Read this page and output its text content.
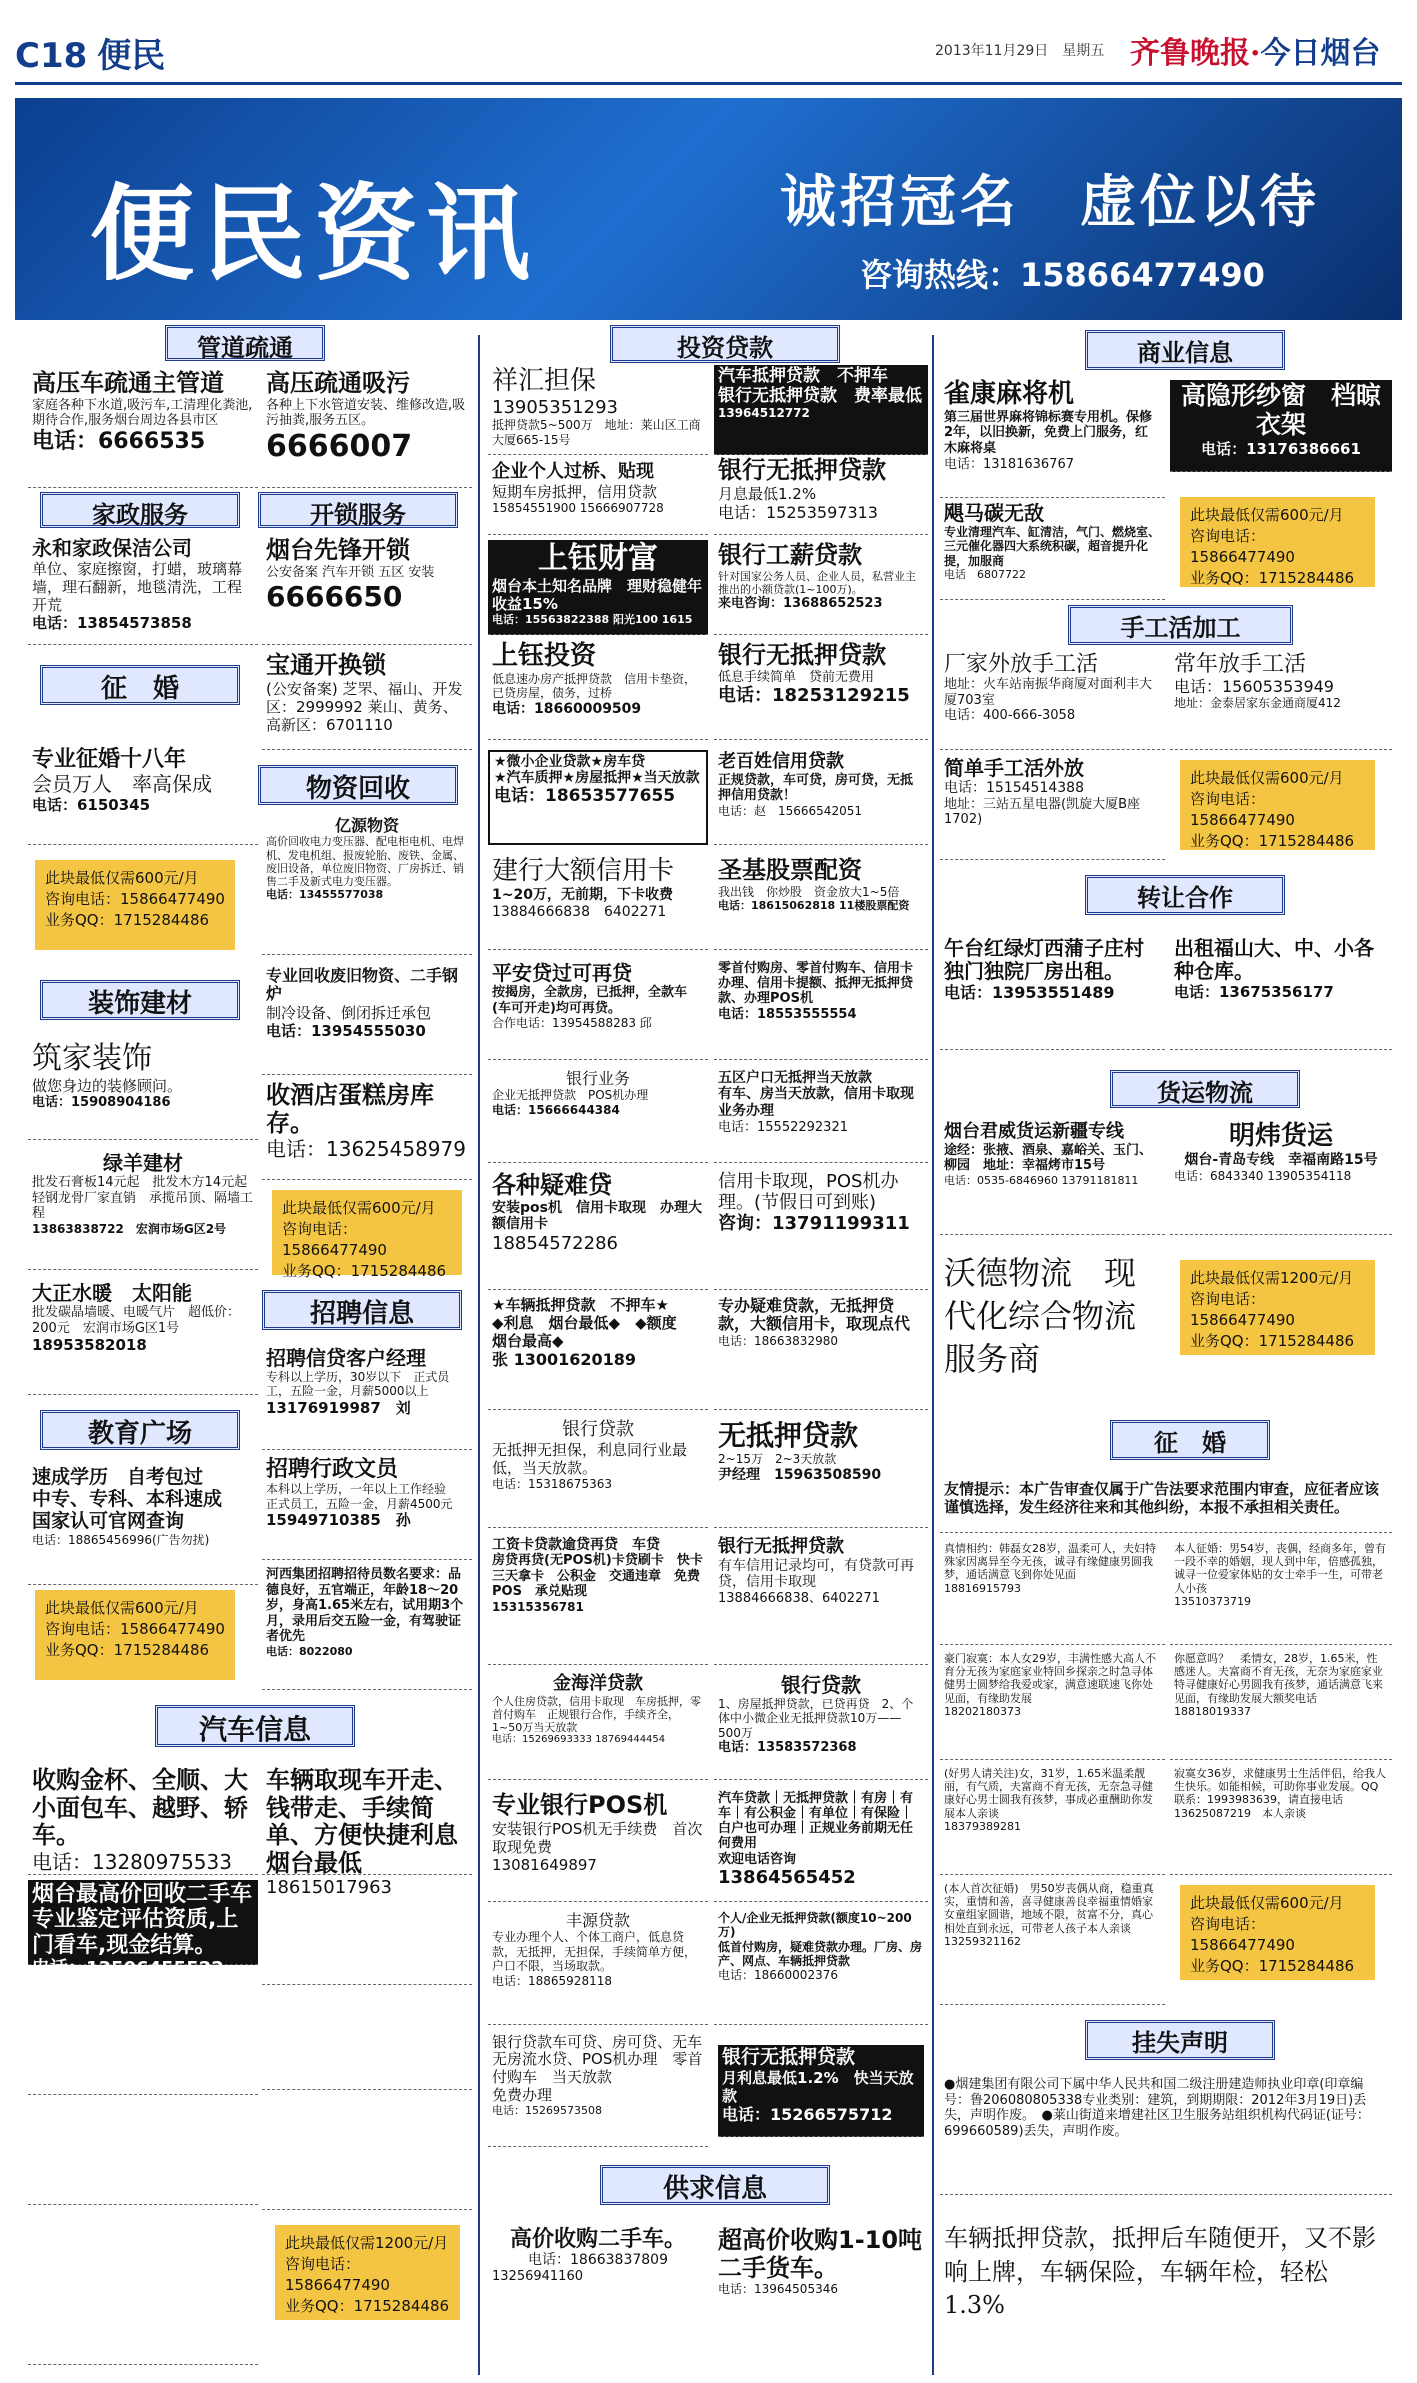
C18 便民	2013年11月29日　 星期五 齐鲁晚报·今日烟台
便民资讯	诚招冠名　虚位以待
咨询热线：15866477490
管道疏通
高压车疏通主管道
家庭各种下水道,吸污车,工清理化粪池,期待合作,服务烟台周边各县市区
电话：6666535
高压疏通吸污
各种上下水管道安装、维修改造,吸污抽粪,服务五区。
6666007
家政服务	开锁服务
永和家政保洁公司
单位、家庭擦窗，打蜡，玻璃幕墙，理石翻新，地毯清洗，工程开荒
电话：13854573858
烟台先锋开锁
公安备案 汽车开锁 五区 安装
6666650
征　婚
宝通开换锁
(公安备案) 芝罘、福山、开发区：2999992 莱山、黄务、高新区：6701110
专业征婚十八年
会员万人　率高保成
电话：6150345
物资回收
此块最低仅需600元/月
咨询电话：15866477490
业务QQ：1715284486
亿源物资
高价回收电力变压器、配电柜电机、电焊机、发电机组、报废轮胎、废铁、金属、废旧设备，单位废旧物资、厂房拆迁、销售二手及新式电力变压器。
电话：13455577038
装饰建材
专业回收废旧物资、二手钢炉
制冷设备、倒闭拆迁承包
电话：13954555030
筑家装饰
做您身边的装修顾问。
电话：15908904186	收酒店蛋糕房库存。
电话：13625458979
绿羊建材
批发石膏板14元起　批发木方14元起　轻钢龙骨厂家直销　承揽吊顶、隔墙工程
13863838722　宏润市场G区2号
此块最低仅需600元/月
咨询电话：15866477490
业务QQ：1715284486
大正水暖　太阳能
批发碳晶墙暖、电暖气片　超低价：200元　宏润市场G区1号
18953582018
招聘信息
招聘信贷客户经理
专科以上学历，30岁以下　正式员工，五险一金，月薪5000以上
13176919987　刘
教育广场
速成学历　自考包过
中专、专科、本科速成　国家认可官网查询
电话：18865456996(广告勿扰)
招聘行政文员
本科以上学历，一年以上工作经验　正式员工，五险一金，月薪4500元
15949710385　孙
此块最低仅需600元/月
咨询电话：15866477490
业务QQ：1715284486
河西集团招聘招待员数名要求：品德良好，五官端正，年龄18～20岁，身高1.65米左右，试用期3个月，录用后交五险一金，有驾驶证者优先
电话：8022080
汽车信息
收购金杯、全顺、大小面包车、越野、轿车。
电话：13280975533
车辆取现车开走、钱带走、手续简单、方便快捷利息烟台最低
18615017963
烟台最高价回收二手车专业鉴定评估资质,上门看车,现金结算。
电话：13506455522
此块最低仅需1200元/月
咨询电话：15866477490
业务QQ：1715284486
投资贷款
祥汇担保
13905351293
抵押贷款5~500万　地址：莱山区工商大厦665-15号
汽车抵押贷款　不押车
银行无抵押贷款　费率最低
13964512772
企业个人过桥、贴现
短期车房抵押，信用贷款
15854551900 15666907728
银行无抵押贷款
月息最低1.2%
电话：15253597313
上钰财富
烟台本土知名品牌　理财稳健年收益15%
电话：15563822388 阳光100 1615
银行工薪贷款
针对国家公务人员、企业人员，私营业主推出的小额贷款(1~100万)。
来电咨询：13688652523
上钰投资
低息速办房产抵押贷款　信用卡垫资，已贷房屋，债务，过桥
电话：18660009509
银行无抵押贷款
低息手续简单　贷前无费用
电话：18253129215
★微小企业贷款★房车贷
★汽车质押★房屋抵押★当天放款
电话：18653577655
老百姓信用贷款
正规贷款，车可贷，房可贷，无抵押信用贷款！
电话：赵　15666542051
建行大额信用卡
1~20万，无前期，下卡收费
13884666838　6402271
圣基股票配资
我出钱　你炒股　资金放大1~5倍
电话：18615062818 11楼股票配资
平安贷过可再贷
按揭房，全款房，已抵押，全款车(车可开走)均可再贷。
合作电话：13954588283 邱
零首付购房、零首付购车、信用卡办理、信用卡提额、抵押无抵押贷款、办理POS机
电话：18553555554
银行业务
企业无抵押贷款　POS机办理
电话：15666644384
五区户口无抵押当天放款
有车、房当天放款，信用卡取现业务办理
电话：15552292321
各种疑难贷
安装pos机　信用卡取现　办理大额信用卡
18854572286
信用卡取现，POS机办理。(节假日可到账)
咨询：13791199311
★车辆抵押贷款　不押车★
◆利息　烟台最低◆　◆额度　烟台最高◆
张 13001620189
专办疑难贷款，无抵押贷款，大额信用卡，取现点代
电话：18663832980
银行贷款
无抵押无担保，利息同行业最低，当天放款。
电话：15318675363
无抵押贷款
2~15万　2~3天放款
尹经理　15963508590
工资卡贷款逾贷再贷　车贷
房贷再贷(无POS机)卡贷刷卡　快卡　三天拿卡　公积金　交通违章　免费POS　承兑贴现
15315356781
银行无抵押贷款
有车信用记录均可，有贷款可再贷，信用卡取现
13884666838、6402271
金海洋贷款
个人住房贷款，信用卡取现　车房抵押，零首付购车　正规银行合作，手续齐全，1~50万当天放款
电话：15269693333 18769444454
银行贷款
1、房屋抵押贷款，已贷再贷　2、个体中小微企业无抵押贷款10万——500万
电话：13583572368
专业银行POS机
安装银行POS机无手续费　首次取现免费
13081649897
汽车贷款｜无抵押贷款｜有房｜有车｜有公积金｜有单位｜有保险｜白户也可办理｜正规业务前期无任何费用
欢迎电话咨询
13864565452
丰源贷款
专业办理个人、个体工商户，低息贷款，无抵押，无担保，手续简单方便，户口不限，当场取款。
电话：18865928118
个人/企业无抵押贷款(额度10~200万)
低首付购房，疑难贷款办理。厂房、房产、网点、车辆抵押贷款
电话：18660002376
银行贷款车可贷、房可贷、无车无房流水贷、POS机办理　零首付购车　当天放款
免费办理
电话：15269573508
银行无抵押贷款
月利息最低1.2%　快当天放款
电话：15266575712
供求信息
高价收购二手车。
电话：18663837809
13256941160
超高价收购1-10吨二手货车。
电话：13964505346
商业信息
雀康麻将机
第三届世界麻将锦标赛专用机。保修2年，以旧换新，免费上门服务，红木麻将桌
电话：13181636767
高隐形纱窗　档晾衣架
电话：13176386661
飓马碳无敌
专业清理汽车、缸清洁，气门、燃烧室、三元催化器四大系统积碳，超音提升化提，加服商
电话　6807722
此块最低仅需600元/月
咨询电话：15866477490
业务QQ：1715284486
手工活加工
厂家外放手工活
地址：火车站南振华商厦对面利丰大厦703室
电话：400-666-3058
常年放手工活
电话：15605353949
地址：金泰居家东金通商厦412
简单手工活外放
电话：15154514388
地址：三站五星电器(凯旋大厦B座1702)
此块最低仅需600元/月
咨询电话：15866477490
业务QQ：1715284486
转让合作
午台红绿灯西蒲子庄村独门独院厂房出租。
电话：13953551489
出租福山大、中、小各种仓库。
电话：13675356177
货运物流
烟台君威货运新疆专线
途经：张掖、酒泉、嘉峪关、玉门、柳园　地址：幸福烤市15号
电话：0535-6846960 13791181811
明炜货运
烟台-青岛专线　幸福南路15号
电话：6843340 13905354118
沃德物流　现代化综合物流服务商
此块最低仅需1200元/月
咨询电话：15866477490
业务QQ：1715284486
征　婚
友情提示：本广告审查仅属于广告法要求范围内审查，应征者应该谨慎选择，发生经济往来和其他纠纷，本报不承担相关责任。
真情相约：韩磊女28岁，温柔可人，夫妇特殊家因离异至今无孩，诚寻有缘健康男圆我梦，通话满意飞到你处见面
18816915793
本人征婚：男54岁，丧偶，经商多年，曾有一段不幸的婚姻，现人到中年，倍感孤独，诚寻一位爱家体贴的女士牵手一生，可带老人小孩
13510373719
豪门寂寞：本人女29岁，丰满性感大高人不育分无孩为家庭家业特回乡探亲之时急寻体健男士圆梦给我爱或家，满意速联速飞你处见面，有缘助发展
18202180373
你愿意吗？　柔情女，28岁，1.65米，性感迷人。夫富商不育无孩，无奈为家庭家业特寻健康好心男圆我有孩梦，通话满意飞来见面，有缘助发展大额奖电话
18818019337
(好男人请关注)女，31岁，1.65米温柔靓丽，有气质，夫富商不育无孩，无奈急寻健康好心男士圆我有孩梦，事成必重酬助你发展本人亲谈
18379389281
寂寞女36岁，求健康男士生活伴侣，给我人生快乐。如能相候，可助你事业发展。QQ联系：1993983639，请直接电话13625087219　本人亲谈
(本人首次征婚)　男50岁丧偶从商，稳重真实，重情和善，喜寻健康善良幸福重情婚家女童组家圆谐，地域不限，贫富不分，真心相处直到永远，可带老人孩子本人亲谈
13259321162
此块最低仅需600元/月
咨询电话：15866477490
业务QQ：1715284486
挂失声明
●烟建集团有限公司下属中华人民共和国二级注册建造师执业印章(印章编号：鲁206080805338专业类别：建筑，到期期限：2012年3月19日)丢失，声明作废。　●莱山街道来增建社区卫生服务站组织机构代码证(证号：699660589)丢失，声明作废。
车辆抵押贷款，抵押后车随便开，又不影响上牌，车辆保险，车辆年检，轻松1.3%
